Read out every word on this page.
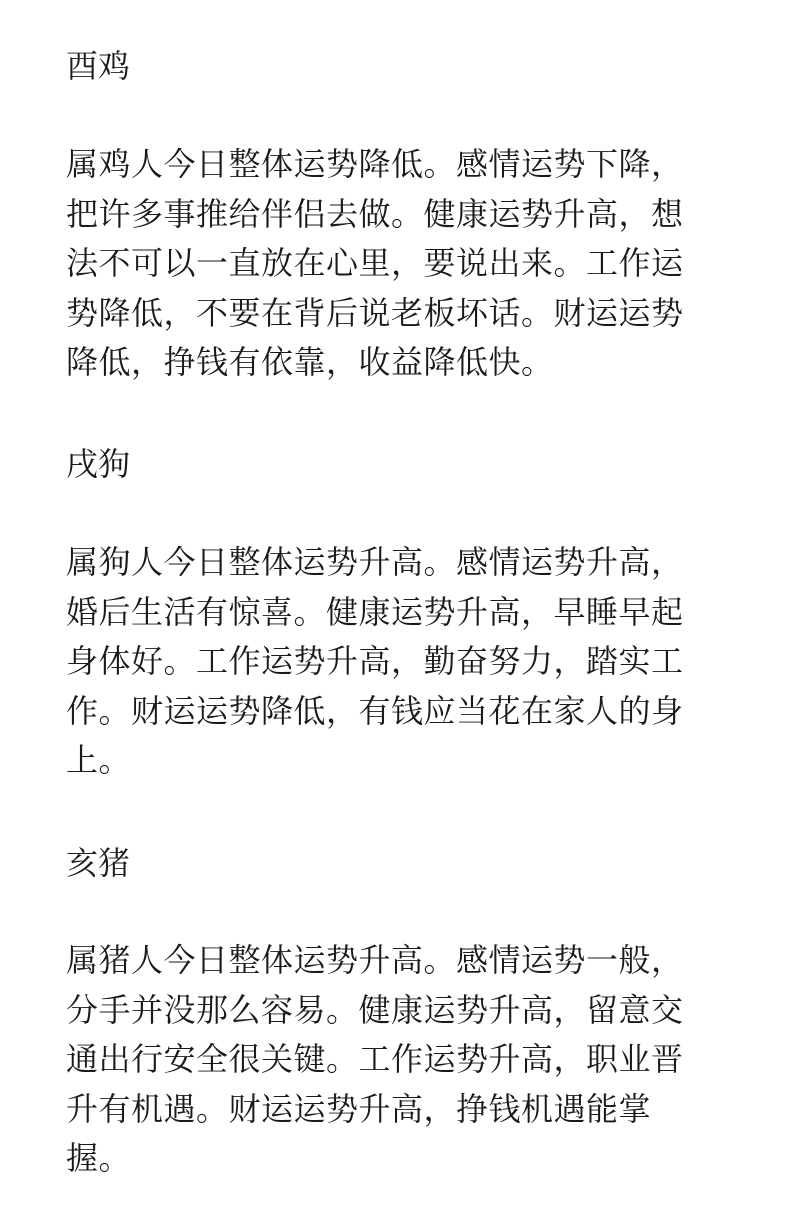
酉鸡
属鸡人今日整体运势降低。感情运势下降，
把许多事推给伴侣去做。健康运势升高，想
法不可以一直放在心里，要说出来。工作运
势降低，不要在背后说老板坏话。财运运势
降低，挣钱有依靠，收益降低快。
戌狗
属狗人今日整体运势升高。感情运势升高，
婚后生活有惊喜。健康运势升高，早睡早起
身体好。工作运势升高，勤奋努力，踏实工
作。财运运势降低，有钱应当花在家人的身
上。
亥猪
属猪人今日整体运势升高。感情运势一般，
分手并没那么容易。健康运势升高，留意交
通出行安全很关键。工作运势升高，职业晋
升有机遇。财运运势升高，挣钱机遇能掌
握。
